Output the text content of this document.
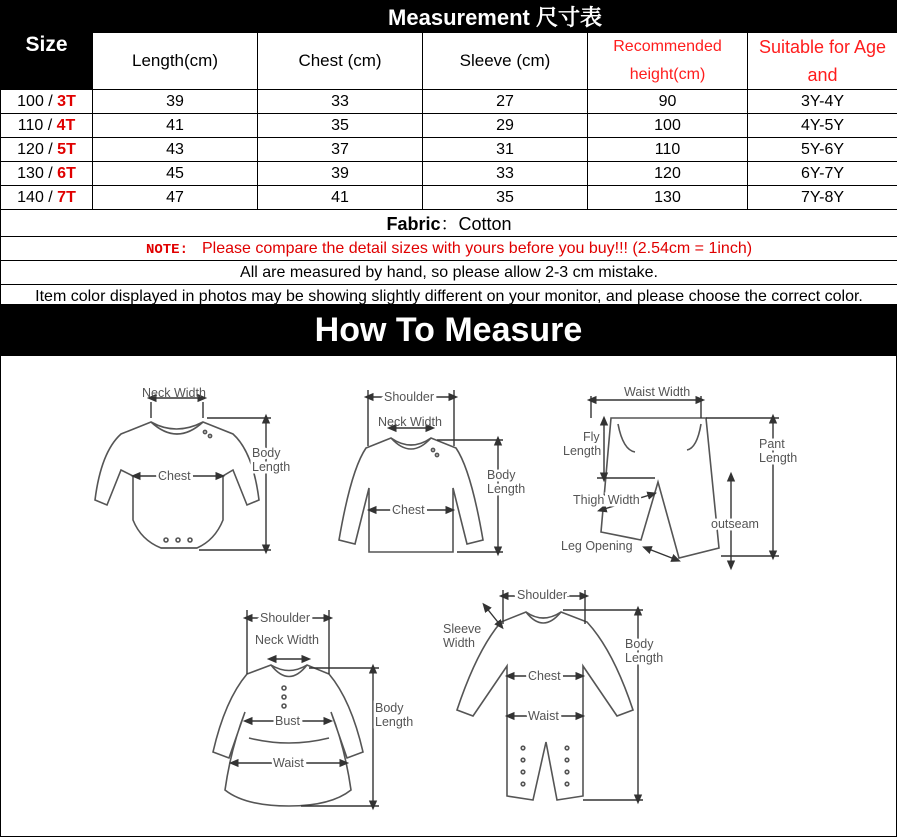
Size	Measurement 尺寸表				
	Length(cm)	Chest (cm)	Sleeve (cm)	Recommended height(cm)	Suitable for Age and
100 / 3T	39	33	27	90	3Y-4Y
110 / 4T	41	35	29	100	4Y-5Y
120 / 5T	43	37	31	110	5Y-6Y
130 / 6T	45	39	33	120	6Y-7Y
140 / 7T	47	41	35	130	7Y-8Y
Fabric：Cotton					
NOTE: Please compare the detail sizes with yours before you buy!!! (2.54cm = 1inch)					
All are measured by hand, so please allow 2-3 cm mistake.					
Item color displayed in photos may be showing slightly different on your monitor, and please choose the correct color.					
How To Measure
Neck Width
Chest
Body
Length
Shoulder
Neck Width
Chest
Body
Length
Waist Width
Fly
Length	Pant
Length
Thigh Width
outseam
Leg Opening
Shoulder
Neck Width
Bust
Waist
Body
Length
Shoulder
Sleeve
Width
Chest
Waist
Body
Length
